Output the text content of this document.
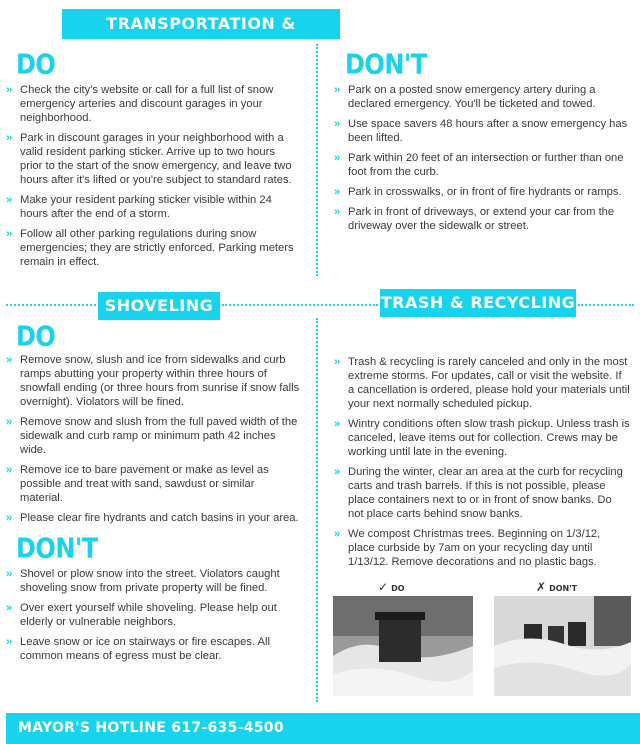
TRANSPORTATION & PARKING
DO
» Check the city's website or call for a full list of snow emergency arteries and discount garages in your neighborhood.
» Park in discount garages in your neighborhood with a valid resident parking sticker. Arrive up to two hours prior to the start of the snow emergency, and leave two hours after it's lifted or you're subject to standard rates.
» Make your resident parking sticker visible within 24 hours after the end of a storm.
» Follow all other parking regulations during snow emergencies; they are strictly enforced. Parking meters remain in effect.
DON'T
» Park on a posted snow emergency artery during a declared emergency. You'll be ticketed and towed.
» Use space savers 48 hours after a snow emergency has been lifted.
» Park within 20 feet of an intersection or further than one foot from the curb.
» Park in crosswalks, or in front of fire hydrants or ramps.
» Park in front of driveways, or extend your car from the driveway over the sidewalk or street.
SHOVELING
DO
» Remove snow, slush and ice from sidewalks and curb ramps abutting your property within three hours of snowfall ending (or three hours from sunrise if snow falls overnight). Violators will be fined.
» Remove snow and slush from the full paved width of the sidewalk and curb ramp or minimum path 42 inches wide.
» Remove ice to bare pavement or make as level as possible and treat with sand, sawdust or similar material.
» Please clear fire hydrants and catch basins in your area.
DON'T
» Shovel or plow snow into the street. Violators caught shoveling snow from private property will be fined.
» Over exert yourself while shoveling. Please help out elderly or vulnerable neighbors.
» Leave snow or ice on stairways or fire escapes. All common means of egress must be clear.
TRASH & RECYCLING
» Trash & recycling is rarely canceled and only in the most extreme storms. For updates, call or visit the website. If a cancellation is ordered, please hold your materials until your next normally scheduled pickup.
» Wintry conditions often slow trash pickup. Unless trash is canceled, leave items out for collection. Crews may be working until late in the evening.
» During the winter, clear an area at the curb for recycling carts and trash barrels. If this is not possible, please place containers next to or in front of snow banks. Do not place carts behind snow banks.
» We compost Christmas trees. Beginning on 1/3/12, place curbside by 7am on your recycling day until 1/13/12. Remove decorations and no plastic bags.
✓ DO	✗ DON'T
MAYOR'S HOTLINE 617-635-4500
